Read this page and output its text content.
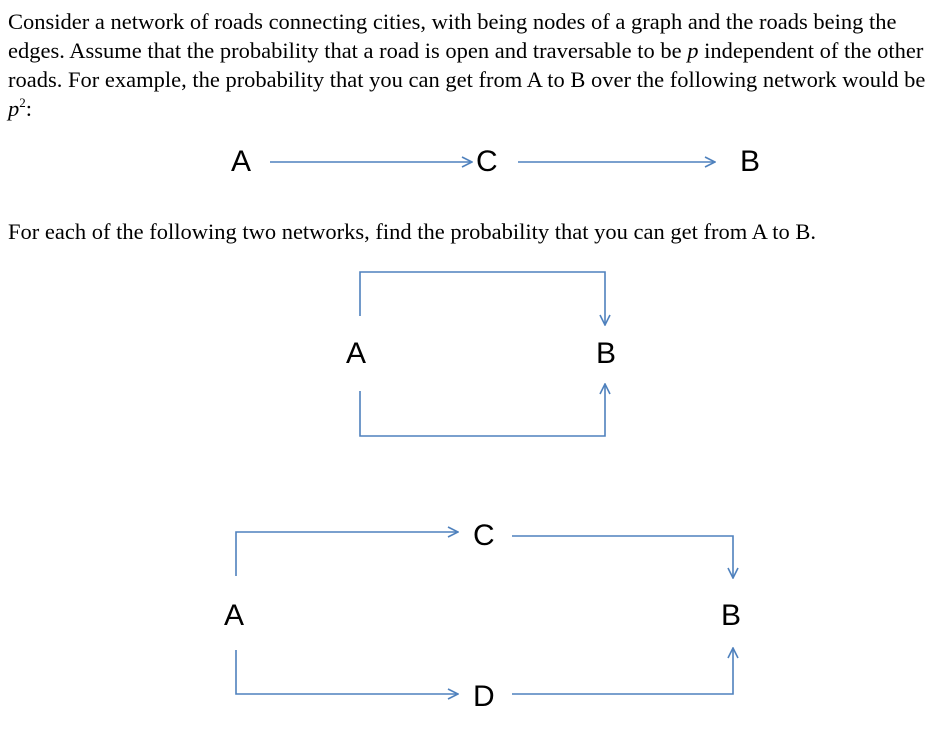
Consider a network of roads connecting cities, with being nodes of a graph and the roads being the edges. Assume that the probability that a road is open and traversable to be p independent of the other roads. For example, the probability that you can get from A to B over the following network would be $p^2$:

For each of the following two networks, find the probability that you can get from A to B.

A	C	B
A	B
A
C
D
B
